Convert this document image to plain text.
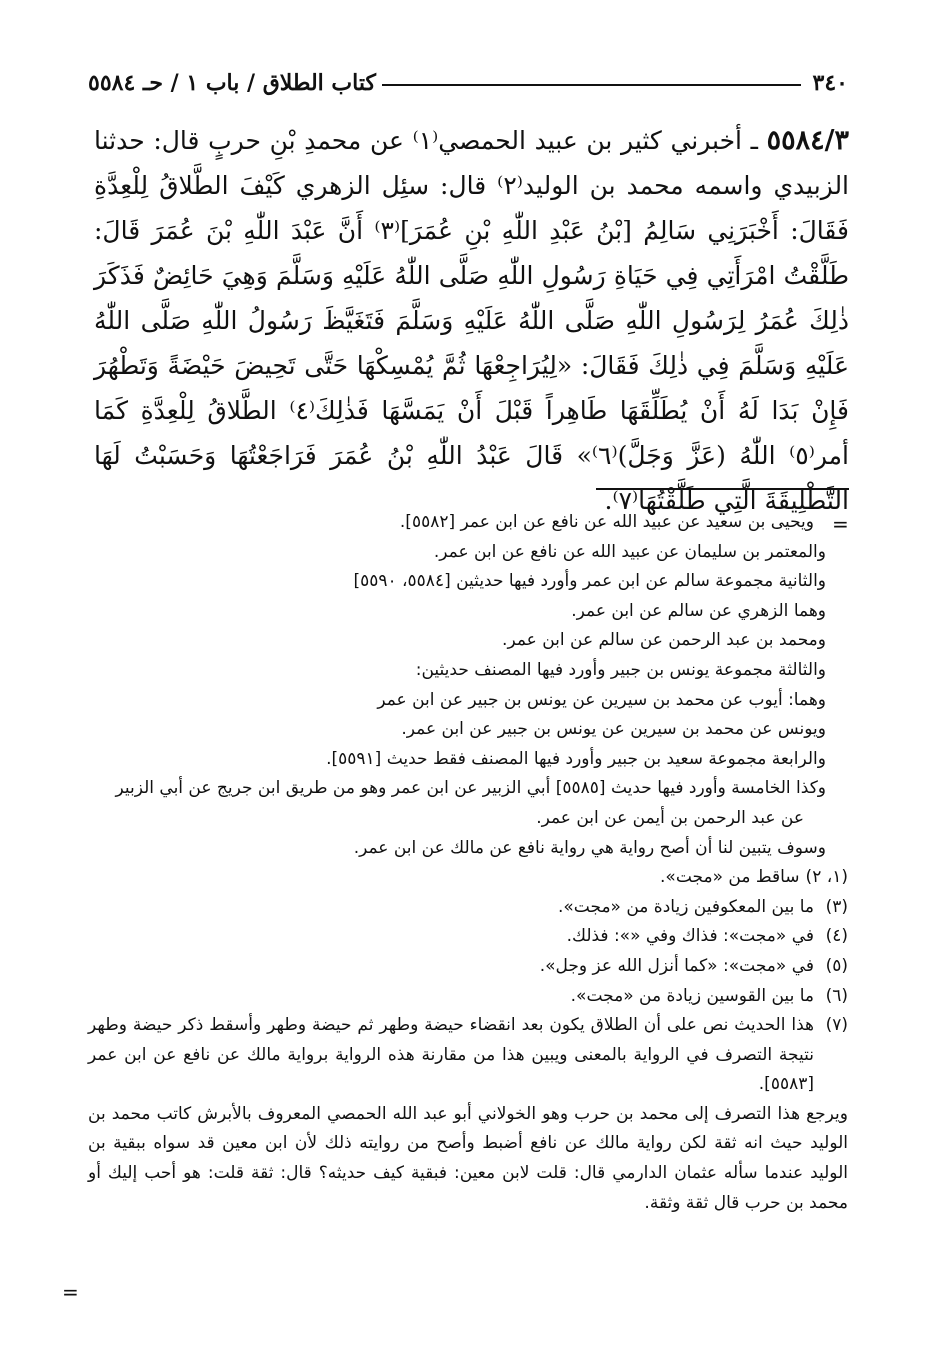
٣٤٠
كتاب الطلاق / باب ١ / حـ ٥٥٨٤
٥٥٨٤/٣ ـ أخبرني كثير بن عبيد الحمصي⁽١⁾ عن محمدِ بْنِ حربٍ قال: حدثنا الزبيدي واسمه محمد بن الوليد⁽٢⁾ قال: سئِل الزهري كَيْفَ الطَّلاقُ لِلْعِدَّةِ فَقَالَ: أَخْبَرَنِي سَالِمُ [بْنُ عَبْدِ اللّٰهِ بْنِ عُمَرَ]⁽٣⁾ أَنَّ عَبْدَ اللّٰهِ بْنَ عُمَرَ قَالَ: طَلَّقْتُ امْرَأَتِي فِي حَيَاةِ رَسُولِ اللّٰهِ صَلَّى اللّٰهُ عَلَيْهِ وَسَلَّمَ وَهِيَ حَائِضٌ فَذَكَرَ ذٰلِكَ عُمَرُ لِرَسُولِ اللّٰهِ صَلَّى اللّٰهُ عَلَيْهِ وَسَلَّمَ فَتَغَيَّظَ رَسُولُ اللّٰهِ صَلَّى اللّٰهُ عَلَيْهِ وَسَلَّمَ فِي ذٰلِكَ فَقَالَ: «لِيُرَاجِعْهَا ثُمَّ يُمْسِكْهَا حَتَّى تَحِيضَ حَيْضَةً وَتَطْهُرَ فَإِنْ بَدَا لَهُ أَنْ يُطَلِّقَهَا طَاهِراً قَبْلَ أَنْ يَمَسَّهَا فَذٰلِكَ⁽٤⁾ الطَّلاقُ لِلْعِدَّةِ كَمَا أمر⁽٥⁾ اللّٰهُ (عَزَّ وَجَلَّ)⁽٦⁾» قَالَ عَبْدُ اللّٰهِ بْنُ عُمَرَ فَرَاجَعْتُهَا وَحَسَبْتُ لَهَا التَّطْلِيقَةَ الَّتِي طَلَّقْتُهَا⁽٧⁾.
=
=
ويحيى بن سعيد عن عبيد الله عن نافع عن ابن عمر [٥٥٨٢].
والمعتمر بن سليمان عن عبيد الله عن نافع عن ابن عمر.
والثانية مجموعة سالم عن ابن عمر وأورد فيها حديثين [٥٥٨٤، ٥٥٩٠]
وهما الزهري عن سالم عن ابن عمر.
ومحمد بن عبد الرحمن عن سالم عن ابن عمر.
والثالثة مجموعة يونس بن جبير وأورد فيها المصنف حديثين:
وهما: أيوب عن محمد بن سيرين عن يونس بن جبير عن ابن عمر
ويونس عن محمد بن سيرين عن يونس بن جبير عن ابن عمر.
والرابعة مجموعة سعيد بن جبير وأورد فيها المصنف فقط حديث [٥٥٩١].
وكذا الخامسة وأورد فيها حديث [٥٥٨٥] أبي الزبير عن ابن عمر وهو من طريق ابن جريج عن أبي الزبير
عن عبد الرحمن بن أيمن عن ابن عمر.
وسوف يتبين لنا أن أصح رواية هي رواية نافع عن مالك عن ابن عمر.
(١، ٢)
ساقط من «مجت».
(٣)
ما بين المعكوفين زيادة من «مجت».
(٤)
في «مجت»: فذاك وفي «»: فذلك.
(٥)
في «مجت»: «كما أنزل الله عز وجل».
(٦)
ما بين القوسين زيادة من «مجت».
(٧)
هذا الحديث نص على أن الطلاق يكون بعد انقضاء حيضة وطهر ثم حيضة وطهر وأسقط ذكر حيضة وطهر نتيجة التصرف في الرواية بالمعنى ويبين هذا من مقارنة هذه الرواية برواية مالك عن نافع عن ابن عمر [٥٥٨٣].
ويرجع هذا التصرف إلى محمد بن حرب وهو الخولاني أبو عبد الله الحمصي المعروف بالأبرش كاتب محمد بن الوليد حيث انه ثقة لكن رواية مالك عن نافع أضبط وأصح من روايته ذلك لأن ابن معين قد سواه ببقية بن الوليد عندما سأله عثمان الدارمي قال: قلت لابن معين: فبقية كيف حديثه؟ قال: ثقة قلت: هو أحب إليك أو محمد بن حرب قال ثقة وثقة.
